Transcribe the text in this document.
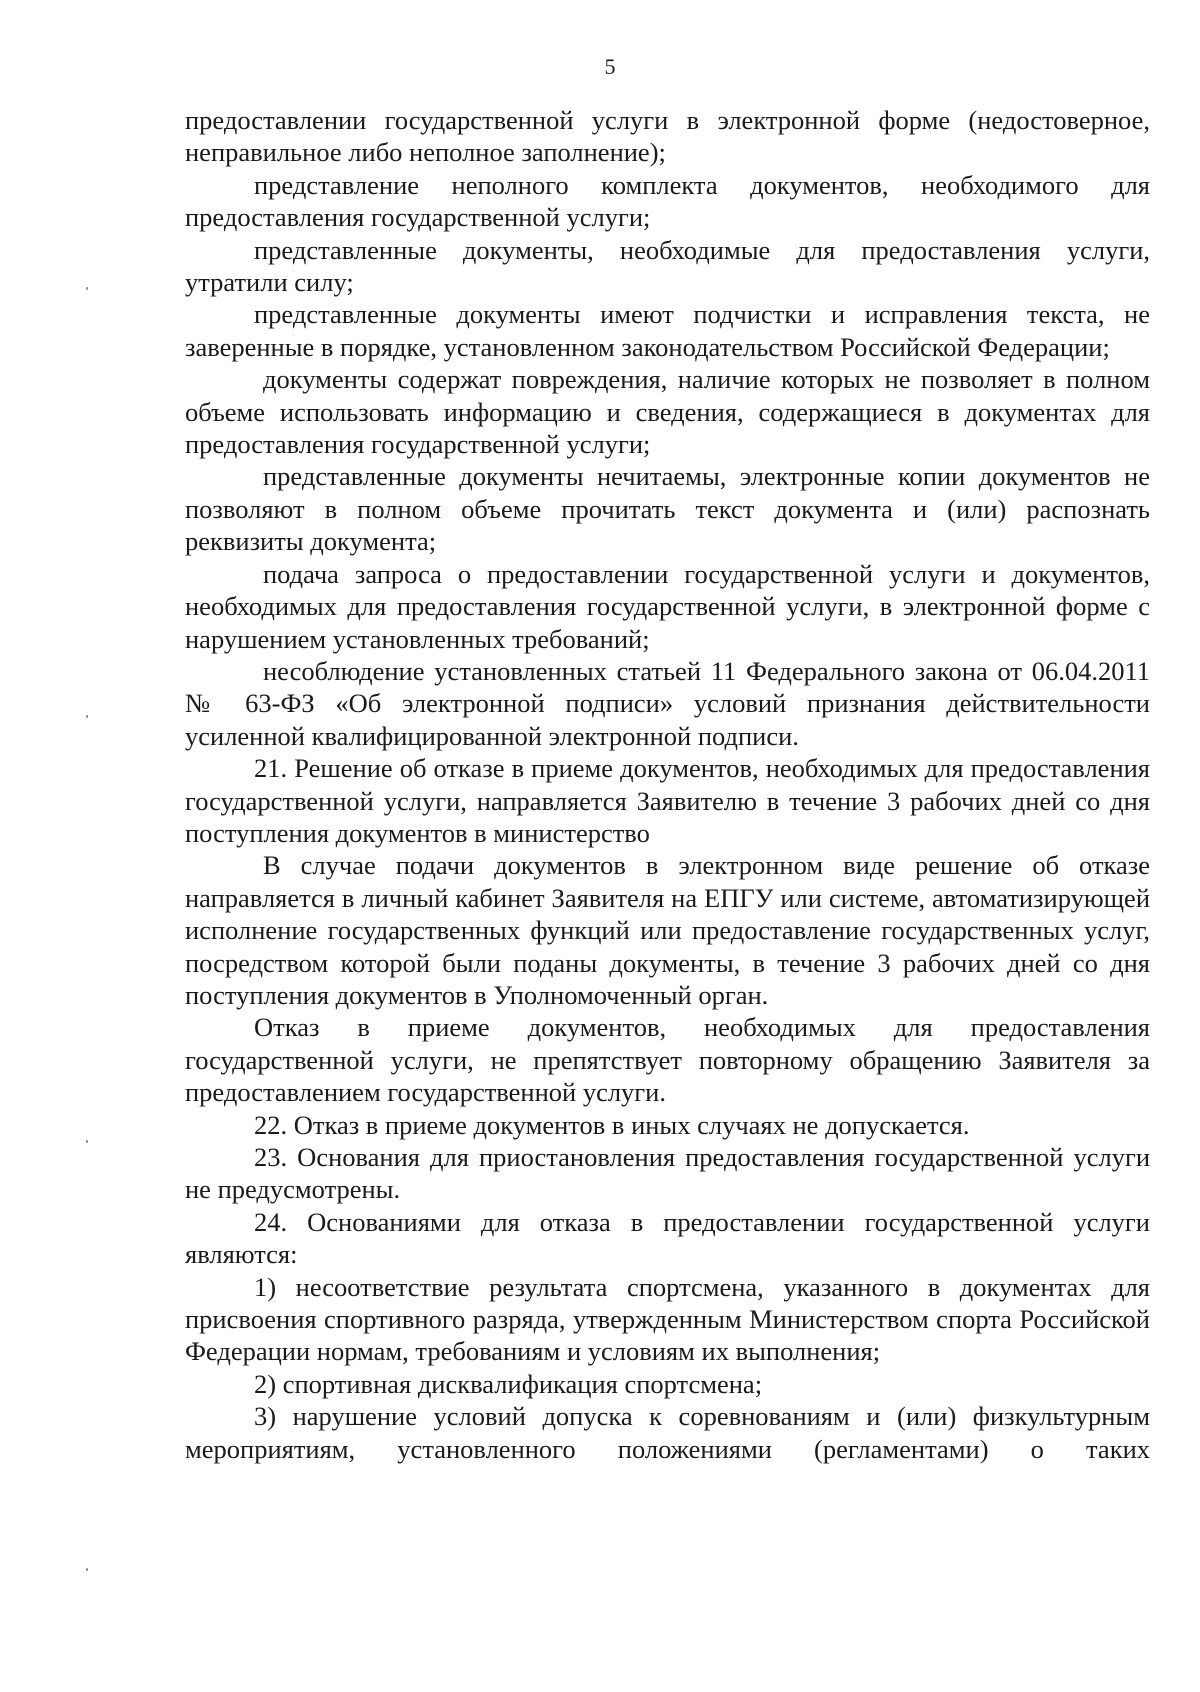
5

предоставлении государственной услуги в электронной форме (недостоверное, неправильное либо неполное заполнение);

представление неполного комплекта документов, необходимого для предоставления государственной услуги;

представленные документы, необходимые для предоставления услуги, утратили силу;

представленные документы имеют подчистки и исправления текста, не заверенные в порядке, установленном законодательством Российской Федерации;

документы содержат повреждения, наличие которых не позволяет в полном объеме использовать информацию и сведения, содержащиеся в документах для предоставления государственной услуги;

представленные документы нечитаемы, электронные копии документов не позволяют в полном объеме прочитать текст документа и (или) распознать реквизиты документа;

подача запроса о предоставлении государственной услуги и документов, необходимых для предоставления государственной услуги, в электронной форме с нарушением установленных требований;

несоблюдение установленных статьей 11 Федерального закона от 06.04.2011 № 63-ФЗ «Об электронной подписи» условий признания действительности усиленной квалифицированной электронной подписи.

21. Решение об отказе в приеме документов, необходимых для предоставления государственной услуги, направляется Заявителю в течение 3 рабочих дней со дня поступления документов в министерство

В случае подачи документов в электронном виде решение об отказе направляется в личный кабинет Заявителя на ЕПГУ или системе, автоматизирующей исполнение государственных функций или предоставление государственных услуг, посредством которой были поданы документы, в течение 3 рабочих дней со дня поступления документов в Уполномоченный орган.

Отказ в приеме документов, необходимых для предоставления государственной услуги, не препятствует повторному обращению Заявителя за предоставлением государственной услуги.

22. Отказ в приеме документов в иных случаях не допускается.

23. Основания для приостановления предоставления государственной услуги не предусмотрены.

24. Основаниями для отказа в предоставлении государственной услуги являются:

1) несоответствие результата спортсмена, указанного в документах для присвоения спортивного разряда, утвержденным Министерством спорта Российской Федерации нормам, требованиям и условиям их выполнения;

2) спортивная дисквалификация спортсмена;

3) нарушение условий допуска к соревнованиям и (или) физкультурным мероприятиям, установленного положениями (регламентами) о таких
